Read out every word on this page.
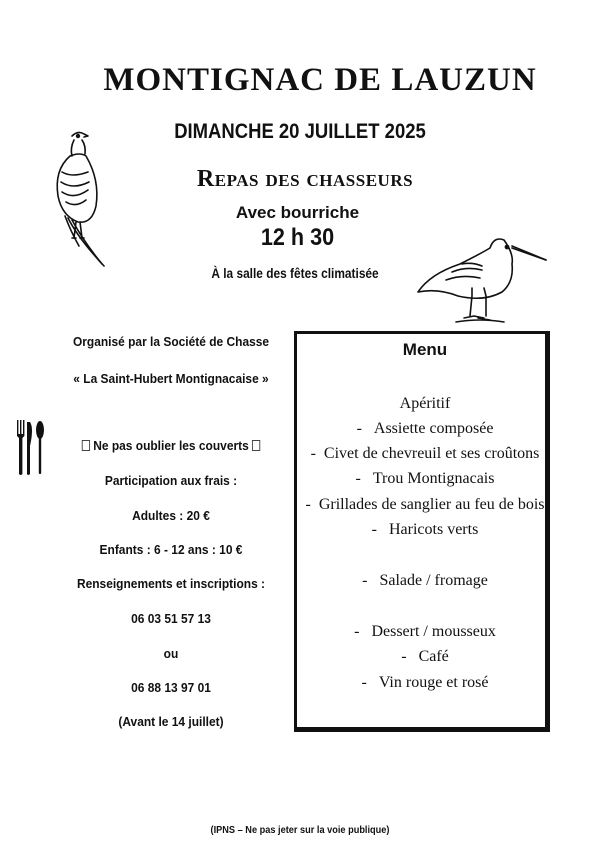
MONTIGNAC DE LAUZUN
DIMANCHE 20 JUILLET 2025
Repas des chasseurs
Avec bourriche
12 h 30
À la salle des fêtes climatisée
Organisé par la Société de Chasse
« La Saint-Hubert Montignacaise »
Ne pas oublier les couverts
Participation aux frais :
Adultes : 20 €
Enfants : 6 - 12 ans : 10 €
Renseignements et inscriptions :
06 03 51 57 13
ou
06 88 13 97 01
(Avant le 14 juillet)
Menu
Apéritif
-   Assiette composée
-  Civet de chevreuil et ses croûtons
-   Trou Montignacais
-  Grillades de sanglier au feu de bois
-   Haricots verts
-   Salade / fromage
-   Dessert / mousseux
-   Café
-   Vin rouge et rosé
(IPNS – Ne pas jeter sur la voie publique)
